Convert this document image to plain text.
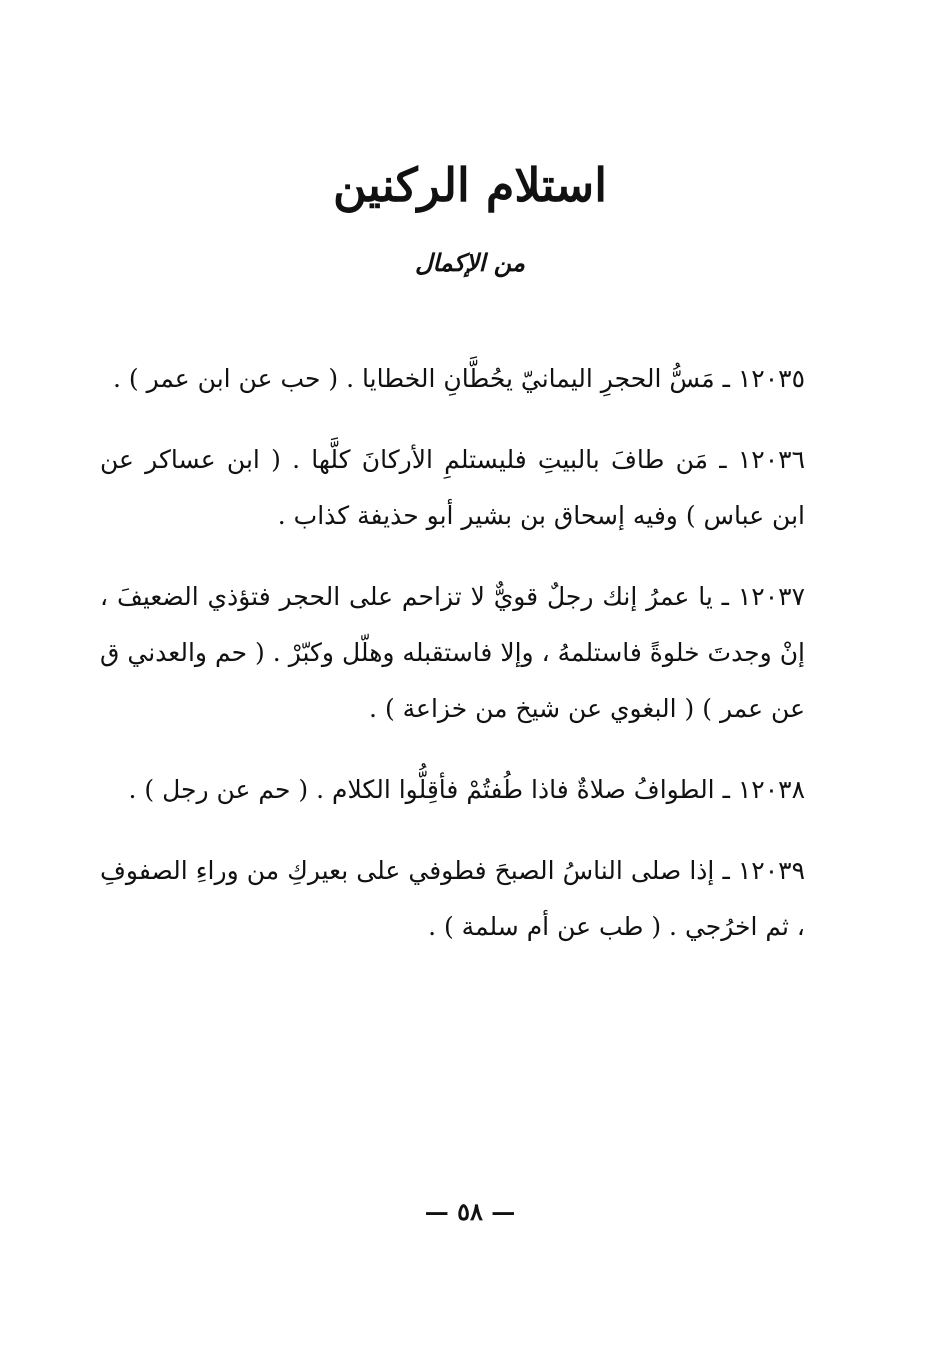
استلام الركنين
من الإكمال

١٢٠٣٥ ـ مَسُّ الحجرِ اليمانيّ يحُطَّانِ الخطايا . ( حب عن ابن عمر ) .

١٢٠٣٦ ـ مَن طافَ بالبيتِ فليستلمِ الأركانَ كلَّها . ( ابن عساكر عن ابن عباس ) وفيه إسحاق بن بشير أبو حذيفة كذاب .

١٢٠٣٧ ـ يا عمرُ إنك رجلٌ قويٌّ لا تزاحم على الحجر فتؤذي الضعيفَ ، إنْ وجدتَ خلوةً فاستلمهُ ، وإلا فاستقبله وهلّل وكبّرْ . ( حم والعدني ق عن عمر ) ( البغوي عن شيخ من خزاعة ) .

١٢٠٣٨ ـ الطوافُ صلاةٌ فاذا طُفتُمْ فأقِلُّوا الكلام . ( حم عن رجل ) .

١٢٠٣٩ ـ إذا صلى الناسُ الصبحَ فطوفي على بعيركِ من وراءِ الصفوفِ ، ثم اخرُجي . ( طب عن أم سلمة ) .

— ٥٨ —
